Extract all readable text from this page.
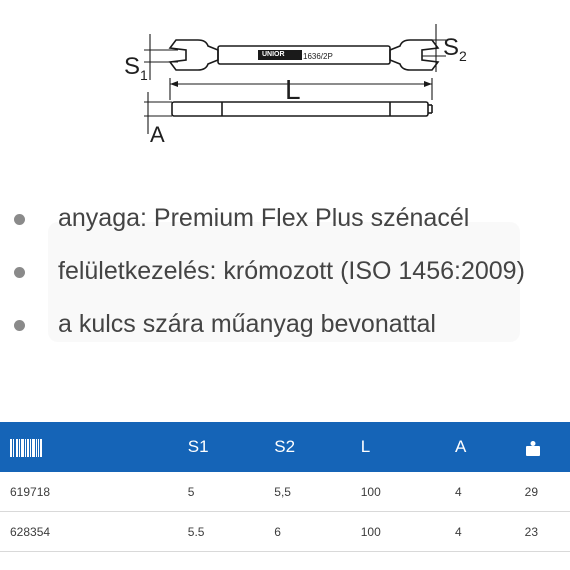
1636/2P
$S_1$
$S_2$
L
A
UNIOR
anyaga: Premium Flex Plus szénacél
felületkezelés: krómozott (ISO 1456:2009)
a kulcs szára műanyag bevonattal
	S1	S2	L	A	
619718	5	5,5	100	4	29
628354	5.5	6	100	4	23
